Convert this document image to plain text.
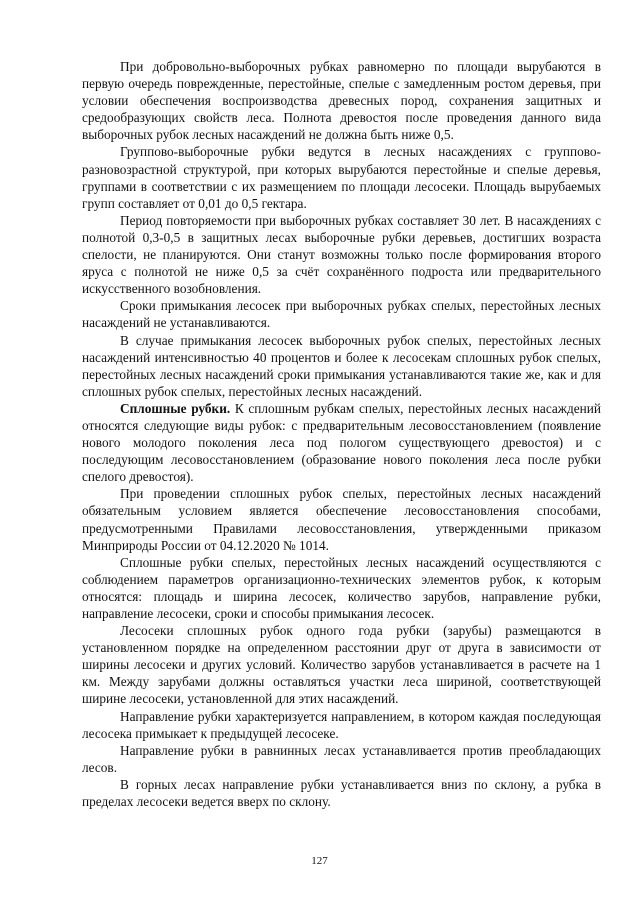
При добровольно-выборочных рубках равномерно по площади вырубаются в первую очередь поврежденные, перестойные, спелые с замедленным ростом деревья, при условии обеспечения воспроизводства древесных пород, сохранения защитных и средообразующих свойств леса. Полнота древостоя после проведения данного вида выборочных рубок лесных насаждений не должна быть ниже 0,5.

Группово-выборочные рубки ведутся в лесных насаждениях с группово-разновозрастной структурой, при которых вырубаются перестойные и спелые деревья, группами в соответствии с их размещением по площади лесосеки. Площадь вырубаемых групп составляет от 0,01 до 0,5 гектара.

Период повторяемости при выборочных рубках составляет 30 лет. В насаждениях с полнотой 0,3-0,5 в защитных лесах выборочные рубки деревьев, достигших возраста спелости, не планируются. Они станут возможны только после формирования второго яруса с полнотой не ниже 0,5 за счёт сохранённого подроста или предварительного искусственного возобновления.

Сроки примыкания лесосек при выборочных рубках спелых, перестойных лесных насаждений не устанавливаются.

В случае примыкания лесосек выборочных рубок спелых, перестойных лесных насаждений интенсивностью 40 процентов и более к лесосекам сплошных рубок спелых, перестойных лесных насаждений сроки примыкания устанавливаются такие же, как и для сплошных рубок спелых, перестойных лесных насаждений.

Сплошные рубки. К сплошным рубкам спелых, перестойных лесных насаждений относятся следующие виды рубок: с предварительным лесовосстановлением (появление нового молодого поколения леса под пологом существующего древостоя) и с последующим лесовосстановлением (образование нового поколения леса после рубки спелого древостоя).

При проведении сплошных рубок спелых, перестойных лесных насаждений обязательным условием является обеспечение лесовосстановления способами, предусмотренными Правилами лесовосстановления, утвержденными приказом Минприроды России от 04.12.2020 № 1014.

Сплошные рубки спелых, перестойных лесных насаждений осуществляются с соблюдением параметров организационно-технических элементов рубок, к которым относятся: площадь и ширина лесосек, количество зарубов, направление рубки, направление лесосеки, сроки и способы примыкания лесосек.

Лесосеки сплошных рубок одного года рубки (зарубы) размещаются в установленном порядке на определенном расстоянии друг от друга в зависимости от ширины лесосеки и других условий. Количество зарубов устанавливается в расчете на 1 км. Между зарубами должны оставляться участки леса шириной, соответствующей ширине лесосеки, установленной для этих насаждений.

Направление рубки характеризуется направлением, в котором каждая последующая лесосека примыкает к предыдущей лесосеке.

Направление рубки в равнинных лесах устанавливается против преобладающих лесов.

В горных лесах направление рубки устанавливается вниз по склону, а рубка в пределах лесосеки ведется вверх по склону.

127
